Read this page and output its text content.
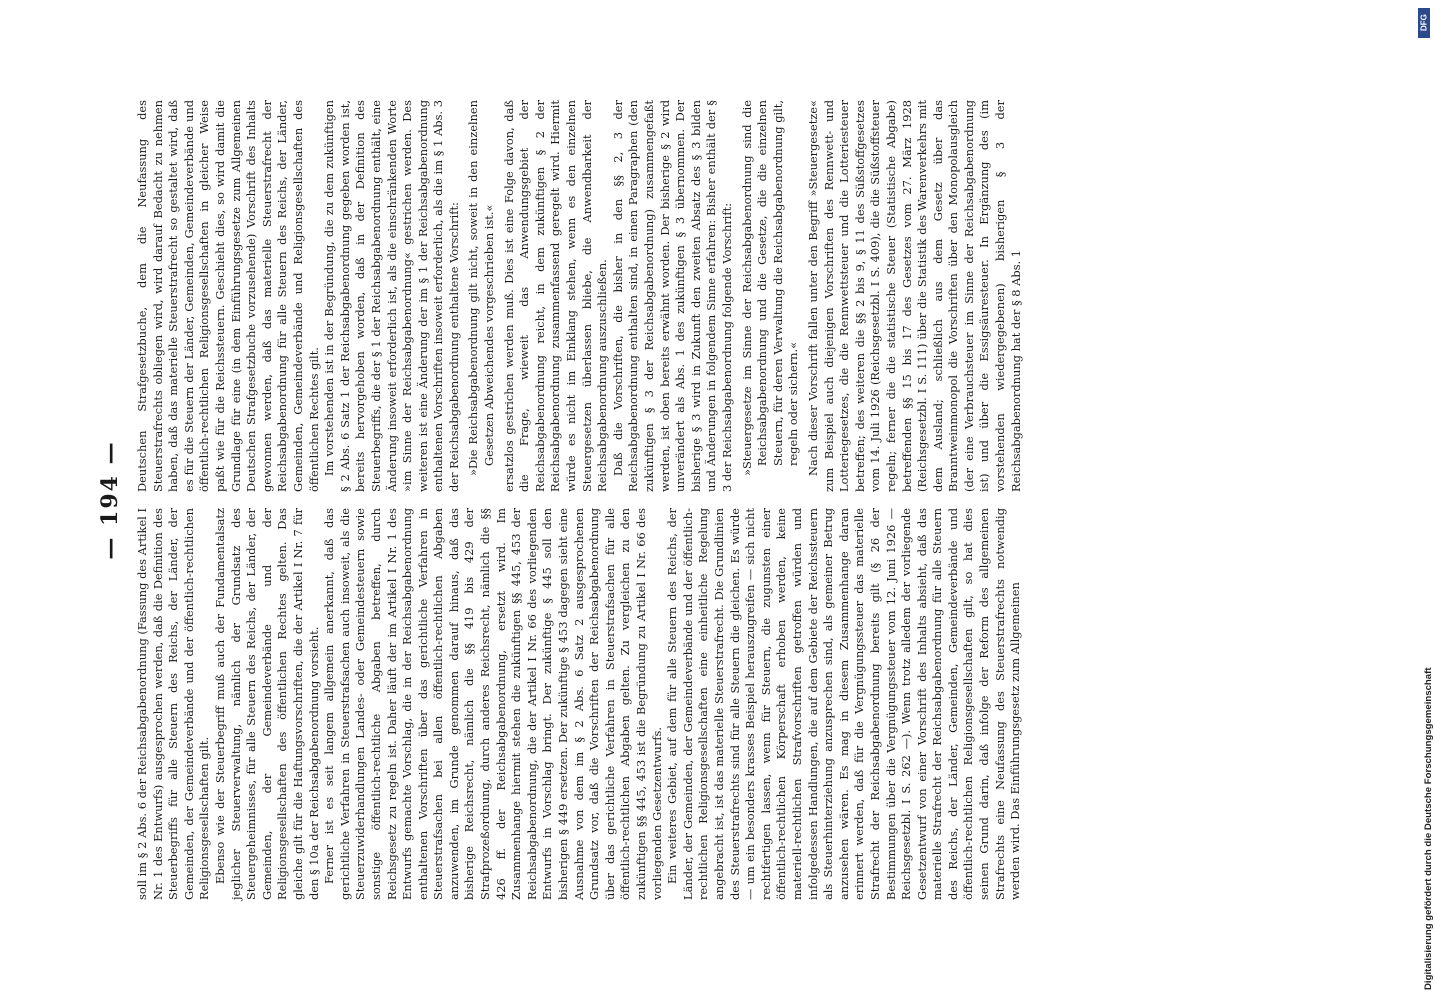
— 194 —

soll im § 2 Abs. 6 der Reichsabgabenordnung (Fassung des Artikel I Nr. 1 des Entwurfs) ausgesprochen werden, daß die Definition des Steuerbegriffs für alle Steuern des Reichs, der Länder, der Gemeinden, der Gemeindeverbände und der öffentlich-rechtlichen Religionsgesellschaften gilt. Ebenso wie der Steuerbegriff muß auch der Fundamentalsatz jeglicher Steuerverwaltung, nämlich der Grundsatz des Steuergeheimnisses, für alle Steuern des Reichs, der Länder, der Gemeinden, der Gemeindeverbände und der Religionsgesellschaften des öffentlichen Rechtes gelten. Das gleiche gilt für die Haftungsvorschriften, die der Artikel I Nr. 7 für den § 10a der Reichsabgabenordnung vorsieht. Ferner ist es seit langem allgemein anerkannt, daß das gerichtliche Verfahren in Steuerstrafsachen auch insoweit, als die Steuerzuwiderhandlungen Landes- oder Gemeindesteuern sowie sonstige öffentlich-rechtliche Abgaben betreffen, durch Reichsgesetz zu regeln ist. Daher läuft der im Artikel I Nr. 1 des Entwurfs gemachte Vorschlag, die in der Reichsabgabenordnung enthaltenen Vorschriften über das gerichtliche Verfahren in Steuerstrafsachen bei allen öffentlich-rechtlichen Abgaben anzuwenden, im Grunde genommen darauf hinaus, daß das bisherige Reichsrecht, nämlich die §§ 419 bis 429 der Strafprozeßordnung, durch anderes Reichsrecht, nämlich die §§ 426 ff. der Reichsabgabenordnung, ersetzt wird. Im Zusammenhange hiermit stehen die zukünftigen §§ 445, 453 der Reichsabgabenordnung, die der Artikel I Nr. 66 des vorliegenden Entwurfs in Vorschlag bringt. Der zukünftige § 445 soll den bisherigen § 449 ersetzen. Der zukünftige § 453 dagegen sieht eine Ausnahme von dem im § 2 Abs. 6 Satz 2 ausgesprochenen Grundsatz vor, daß die Vorschriften der Reichsabgabenordnung über das gerichtliche Verfahren in Steuerstrafsachen für alle öffentlich-rechtlichen Abgaben gelten. Zu vergleichen zu den zukünftigen §§ 445, 453 ist die Begründung zu Artikel I Nr. 66 des vorliegenden Gesetzentwurfs. Ein weiteres Gebiet, auf dem für alle Steuern des Reichs, der Länder, der Gemeinden, der Gemeindeverbände und der öffentlich-rechtlichen Religionsgesellschaften eine einheitliche Regelung angebracht ist, ist das materielle Steuerstrafrecht. Die Grundlinien des Steuerstrafrechts sind für alle Steuern die gleichen. Es würde — um ein besonders krasses Beispiel herauszugreifen — sich nicht rechtfertigen lassen, wenn für Steuern, die zugunsten einer öffentlich-rechtlichen Körperschaft erhoben werden, keine materiell-rechtlichen Strafvorschriften getroffen würden und infolgedessen Handlungen, die auf dem Gebiete der Reichssteuern als Steuerhinterziehung anzusprechen sind, als gemeiner Betrug anzusehen wären. Es mag in diesem Zusammenhange daran erinnert werden, daß für die Vergnügungssteuer das materielle Strafrecht der Reichsabgabenordnung bereits gilt (§ 26 der Bestimmungen über die Vergnügungssteuer vom 12. Juni 1926 — Reichsgesetzbl. I S. 262 —). Wenn trotz alledem der vorliegende Gesetzentwurf von einer Vorschrift des Inhalts absieht, daß das materielle Strafrecht der Reichsabgabenordnung für alle Steuern des Reichs, der Länder, Gemeinden, Gemeindeverbände und öffentlich-rechtlichen Religionsgesellschaften gilt, so hat dies seinen Grund darin, daß infolge der Reform des allgemeinen Strafrechts eine Neufassung des Steuerstrafrechts notwendig werden wird. Das Einführungsgesetz zum Allgemeinen

Deutschen Strafgesetzbuche, dem die Neufassung des Steuerstrafrechts obliegen wird, wird darauf Bedacht zu nehmen haben, daß das materielle Steuerstrafrecht so gestaltet wird, daß es für die Steuern der Länder, Gemeinden, Gemeindeverbände und öffentlich-rechtlichen Religionsgesellschaften in gleicher Weise paßt wie für die Reichssteuern. Geschieht dies, so wird damit die Grundlage für eine (in dem Einführungsgesetze zum Allgemeinen Deutschen Strafgesetzbuche vorzusehende) Vorschrift des Inhalts gewonnen werden, daß das materielle Steuerstrafrecht der Reichsabgabenordnung für alle Steuern des Reichs, der Länder, Gemeinden, Gemeindeverbände und Religionsgesellschaften des öffentlichen Rechtes gilt. Im vorstehenden ist in der Begründung, die zu dem zukünftigen § 2 Abs. 6 Satz 1 der Reichsabgabenordnung gegeben worden ist, bereits hervorgehoben worden, daß in der Definition des Steuerbegriffs, die der § 1 der Reichsabgabenordnung enthält, eine Änderung insoweit erforderlich ist, als die einschränkenden Worte »im Sinne der Reichsabgabenordnung« gestrichen werden. Des weiteren ist eine Änderung der im § 1 der Reichsabgabenordnung enthaltenen Vorschriften insoweit erforderlich, als die im § 1 Abs. 3 der Reichsabgabenordnung enthaltene Vorschrift: »Die Reichsabgabenordnung gilt nicht, soweit in den einzelnen Gesetzen Abweichendes vorgeschrieben ist.« ersatzlos gestrichen werden muß. Dies ist eine Folge davon, daß die Frage, wieweit das Anwendungsgebiet der Reichsabgabenordnung reicht, in dem zukünftigen § 2 der Reichsabgabenordnung zusammenfassend geregelt wird. Hiermit würde es nicht im Einklang stehen, wenn es den einzelnen Steuergesetzen überlassen bliebe, die Anwendbarkeit der Reichsabgabenordnung auszuschließen. Daß die Vorschriften, die bisher in den §§ 2, 3 der Reichsabgabenordnung enthalten sind, in einen Paragraphen (den zukünftigen § 3 der Reichsabgabenordnung) zusammengefaßt werden, ist oben bereits erwähnt worden. Der bisherige § 2 wird unverändert als Abs. 1 des zukünftigen § 3 übernommen. Der bisherige § 3 wird in Zukunft den zweiten Absatz des § 3 bilden und Änderungen in folgendem Sinne erfahren: Bisher enthält der § 3 der Reichsabgabenordnung folgende Vorschrift: »Steuergesetze im Sinne der Reichsabgabenordnung sind die Reichsabgabenordnung und die Gesetze, die die einzelnen Steuern, für deren Verwaltung die Reichsabgabenordnung gilt, regeln oder sichern.« Nach dieser Vorschrift fallen unter den Begriff »Steuergesetze« zum Beispiel auch diejenigen Vorschriften des Rennwett- und Lotteriegesetzes, die die Rennwettsteuer und die Lotteriesteuer betreffen; des weiteren die §§ 2 bis 9, § 11 des Süßstoffgesetzes vom 14. Juli 1926 (Reichsgesetzbl. I S. 409), die die Süßstoffsteuer regeln; ferner die die statistische Steuer (Statistische Abgabe) betreffenden §§ 15 bis 17 des Gesetzes vom 27. März 1928 (Reichsgesetzbl. I S. 111) über die Statistik des Warenverkehrs mit dem Ausland; schließlich aus dem Gesetz über das Branntweinmonopol die Vorschriften über den Monopolausgleich (der eine Verbrauchsteuer im Sinne der Reichsabgabenordnung ist) und über die Essigsäuresteuer. In Ergänzung des (im vorstehenden wiedergegebenen) bisherigen § 3 der Reichsabgabenordnung hat der § 8 Abs. 1

DFG
Digitalisierung gefördert durch die Deutsche Forschungsgemeinschaft
